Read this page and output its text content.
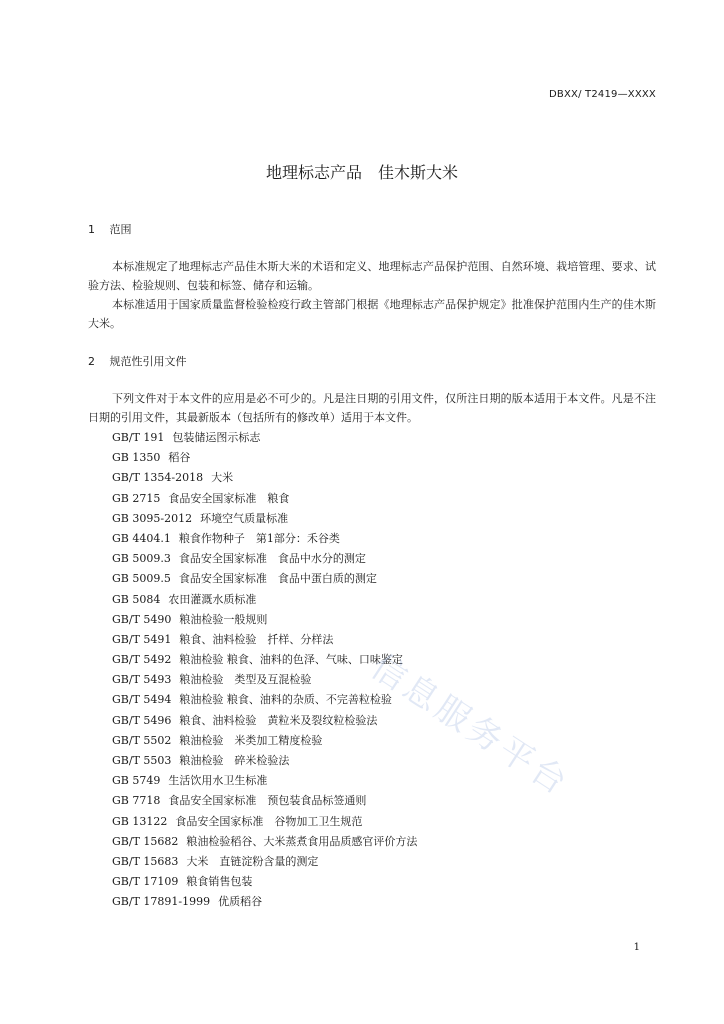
DBXX/ T2419—XXXX
地理标志产品　佳木斯大米
1 范围
本标准规定了地理标志产品佳木斯大米的术语和定义、地理标志产品保护范围、自然环境、栽培管理、要求、试验方法、检验规则、包装和标签、储存和运输。
本标准适用于国家质量监督检验检疫行政主管部门根据《地理标志产品保护规定》批准保护范围内生产的佳木斯大米。
2 规范性引用文件
下列文件对于本文件的应用是必不可少的。凡是注日期的引用文件，仅所注日期的版本适用于本文件。凡是不注日期的引用文件，其最新版本（包括所有的修改单）适用于本文件。
GB/T 191 包装储运图示标志
GB 1350 稻谷
GB/T 1354-2018 大米
GB 2715 食品安全国家标准　粮食
GB 3095-2012 环境空气质量标准
GB 4404.1 粮食作物种子　第1部分：禾谷类
GB 5009.3 食品安全国家标准　食品中水分的测定
GB 5009.5 食品安全国家标准　食品中蛋白质的测定
GB 5084 农田灌溉水质标准
GB/T 5490 粮油检验一般规则
GB/T 5491 粮食、油料检验　扦样、分样法
GB/T 5492 粮油检验 粮食、油料的色泽、气味、口味鉴定
GB/T 5493 粮油检验　类型及互混检验
GB/T 5494 粮油检验 粮食、油料的杂质、不完善粒检验
GB/T 5496 粮食、油料检验　黄粒米及裂纹粒检验法
GB/T 5502 粮油检验　米类加工精度检验
GB/T 5503 粮油检验　碎米检验法
GB 5749 生活饮用水卫生标准
GB 7718 食品安全国家标准　预包装食品标签通则
GB 13122 食品安全国家标准　谷物加工卫生规范
GB/T 15682 粮油检验稻谷、大米蒸煮食用品质感官评价方法
GB/T 15683 大米　直链淀粉含量的测定
GB/T 17109 粮食销售包装
GB/T 17891-1999 优质稻谷
信息服务平台
1
